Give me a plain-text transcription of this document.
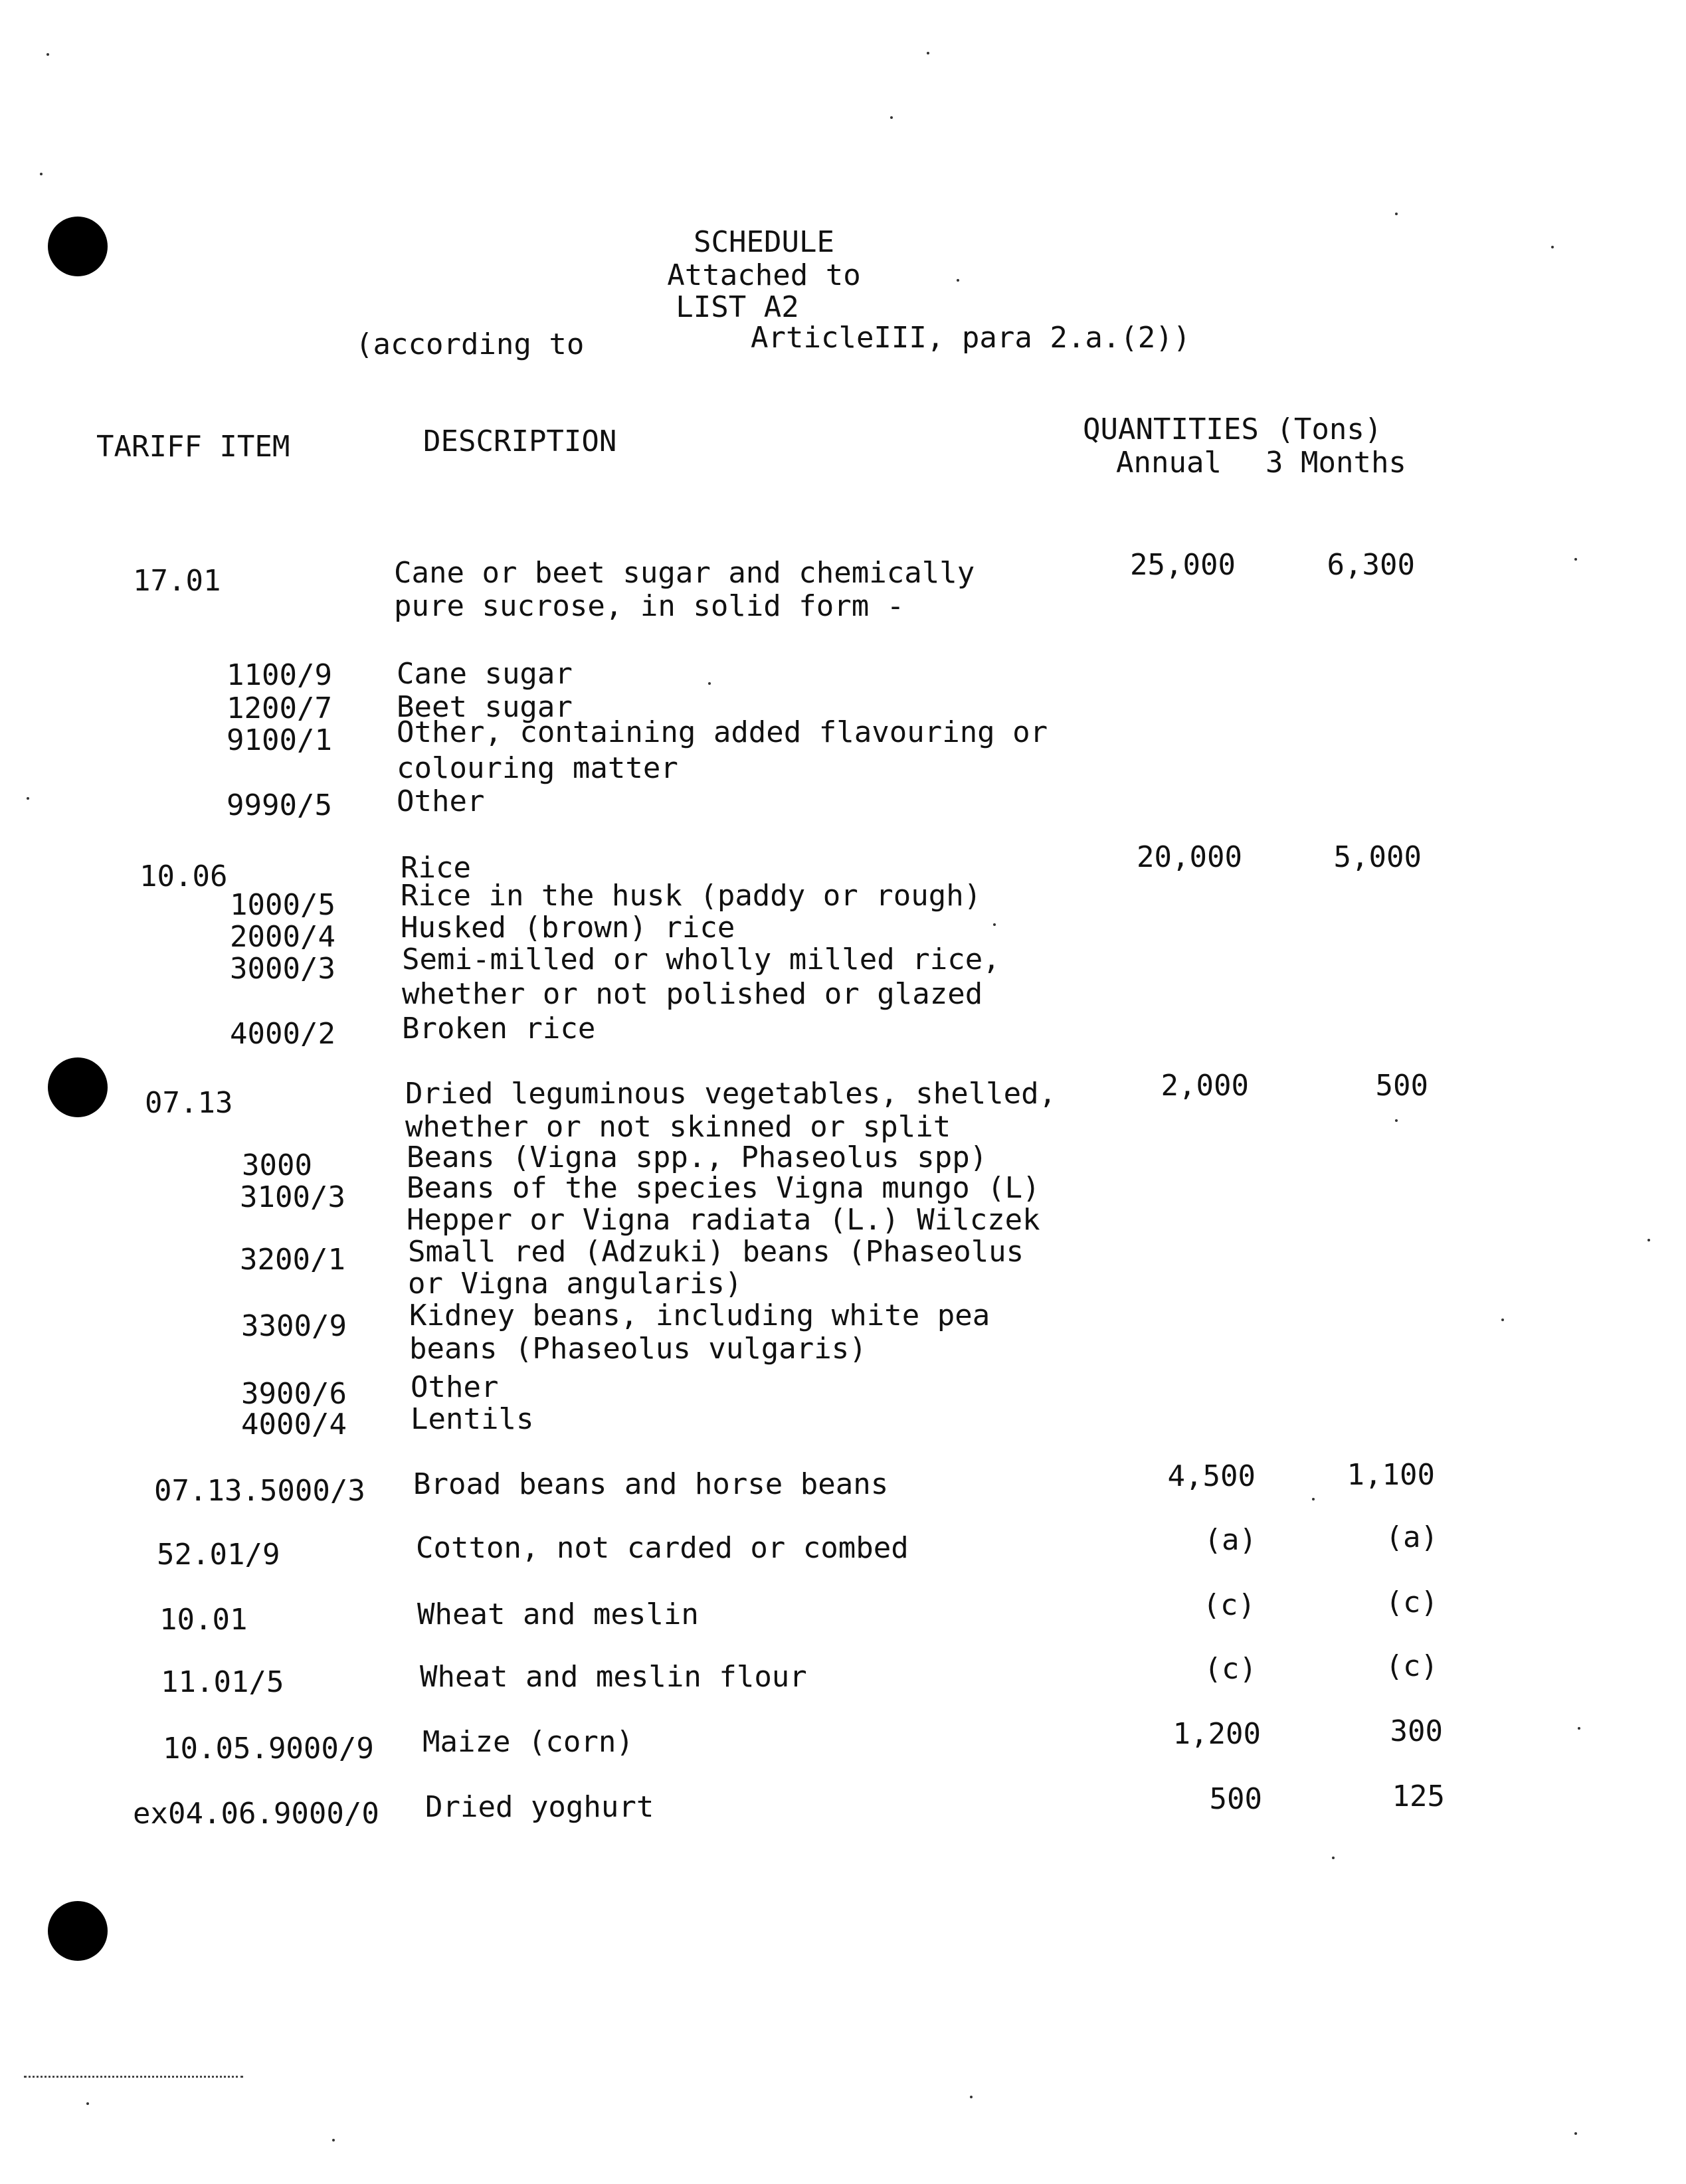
SCHEDULE
Attached to
LIST A2
(according to	ArticleIII, para 2.a.(2))
TARIFF ITEM	DESCRIPTION	QUANTITIES (Tons)
Annual 3 Months
17.01	Cane or beet sugar and chemically
pure sucrose, in solid form -
25,000	6,300
1100/9 Cane sugar
1200/7 Beet sugar
9100/1 Other, containing added flavouring or
colouring matter
9990/5 Other
10.06	Rice	20,000	5,000
1000/5 Rice in the husk (paddy or rough)
2000/4 Husked (brown) rice
3000/3 Semi-milled or wholly milled rice,
whether or not polished or glazed
4000/2 Broken rice
07.13	Dried leguminous vegetables, shelled,
whether or not skinned or split
2,000	500
3000	Beans (Vigna spp., Phaseolus spp)
3100/3 Beans of the species Vigna mungo (L)
Hepper or Vigna radiata (L.) Wilczek
3200/1 Small red (Adzuki) beans (Phaseolus
or Vigna angularis)
3300/9 Kidney beans, including white pea
beans (Phaseolus vulgaris)
3900/6 Other
4000/4 Lentils
07.13.5000/3 Broad beans and horse beans	4,500	1,100
52.01/9	Cotton, not carded or combed	(a)	(a)
10.01	Wheat and meslin	(c)	(c)
11.01/5	Wheat and meslin flour	(c)	(c)
10.05.9000/9 Maize (corn)	1,200	300
ex04.06.9000/0 Dried yoghurt	500	125
